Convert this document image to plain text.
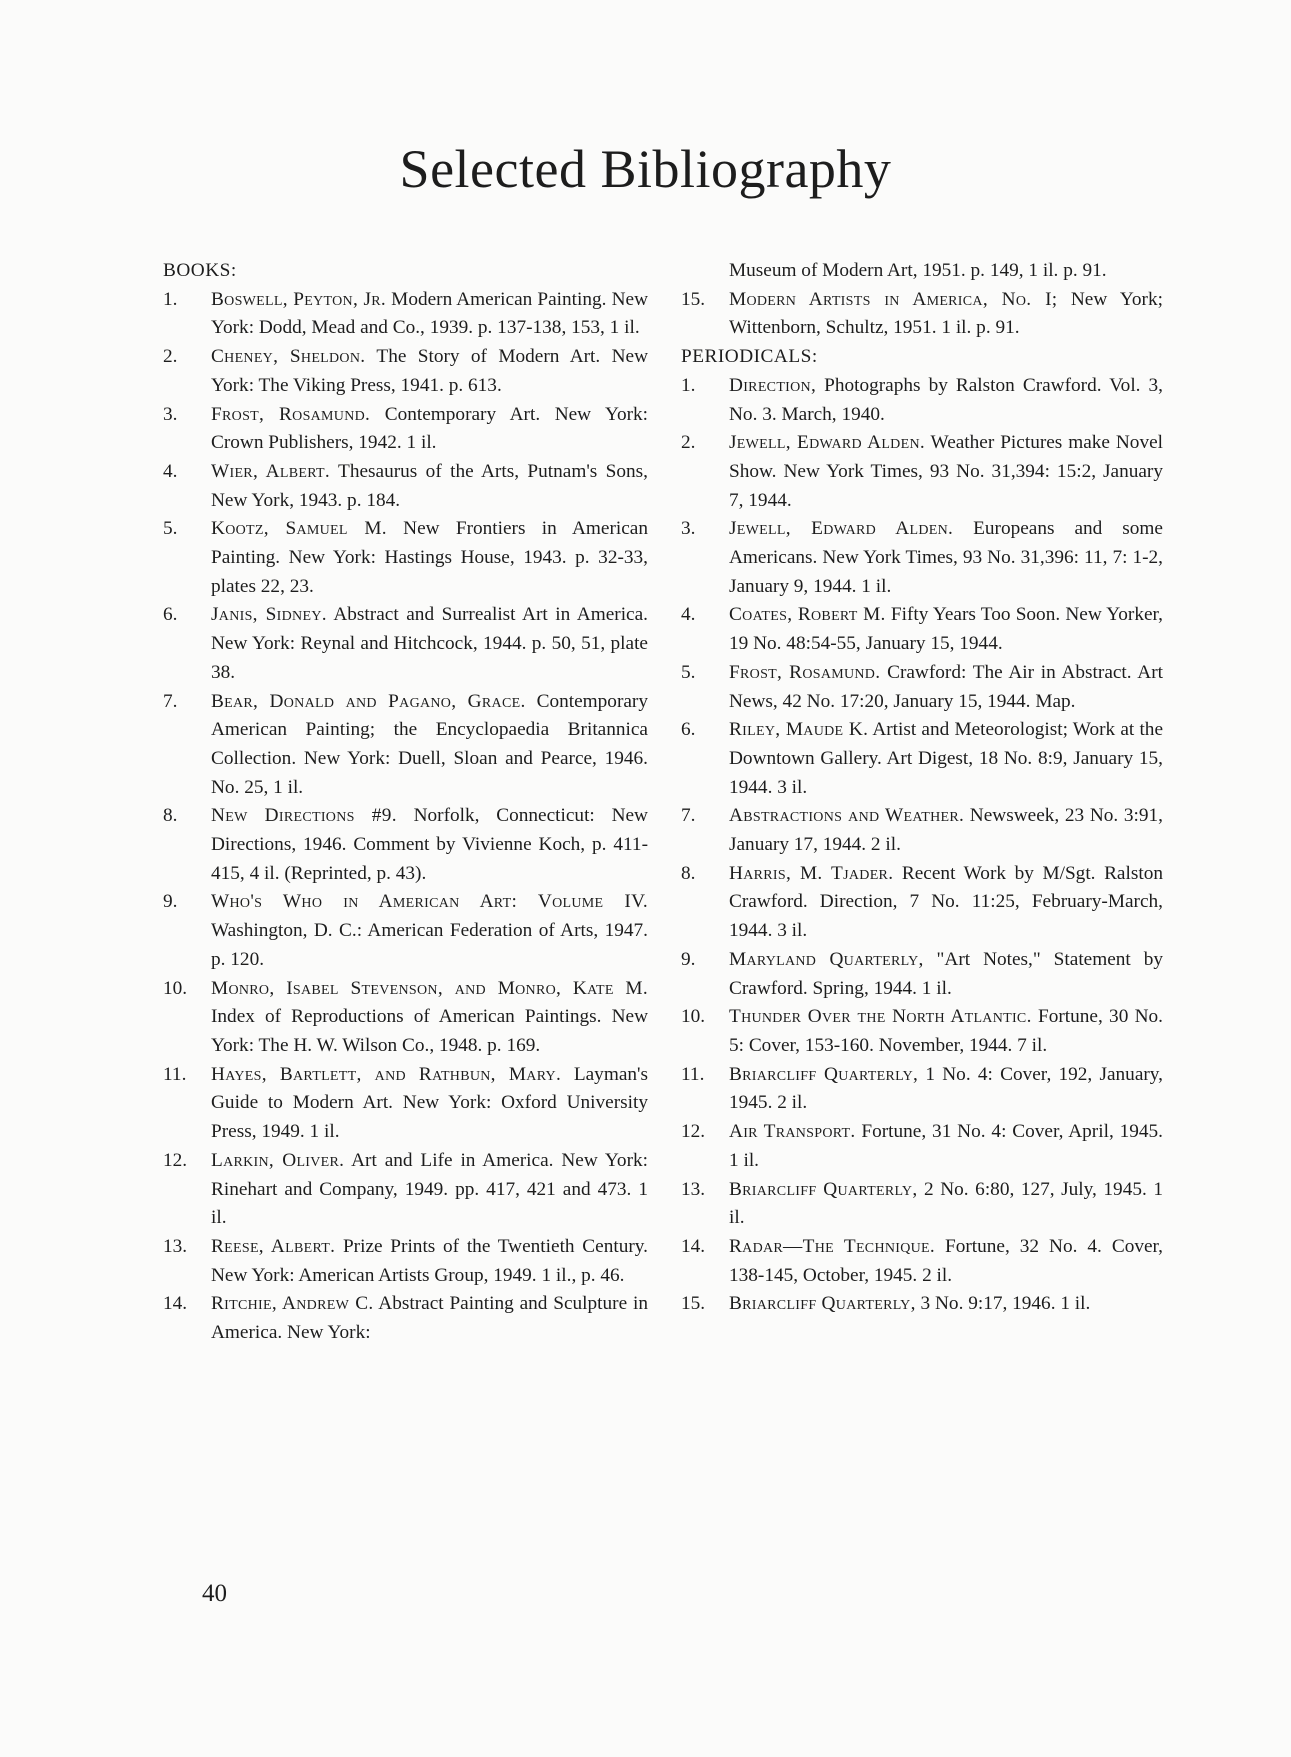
Selected Bibliography
BOOKS:
1.	Boswell, Peyton, Jr. Modern American Painting. New York: Dodd, Mead and Co., 1939. p. 137-138, 153, 1 il.
2.	Cheney, Sheldon. The Story of Modern Art. New York: The Viking Press, 1941. p. 613.
3.	Frost, Rosamund. Contemporary Art. New York: Crown Publishers, 1942. 1 il.
4.	Wier, Albert. Thesaurus of the Arts, Putnam's Sons, New York, 1943. p. 184.
5.	Kootz, Samuel M. New Frontiers in American Painting. New York: Hastings House, 1943. p. 32-33, plates 22, 23.
6.	Janis, Sidney. Abstract and Surrealist Art in America. New York: Reynal and Hitchcock, 1944. p. 50, 51, plate 38.
7.	Bear, Donald and Pagano, Grace. Contemporary American Painting; the Encyclopaedia Britannica Collection. New York: Duell, Sloan and Pearce, 1946. No. 25, 1 il.
8.	New Directions #9. Norfolk, Connecticut: New Directions, 1946. Comment by Vivienne Koch, p. 411-415, 4 il. (Reprinted, p. 43).
9.	Who's Who in American Art: Volume IV. Washington, D. C.: American Federation of Arts, 1947. p. 120.
10.	Monro, Isabel Stevenson, and Monro, Kate M. Index of Reproductions of American Paintings. New York: The H. W. Wilson Co., 1948. p. 169.
11.	Hayes, Bartlett, and Rathbun, Mary. Layman's Guide to Modern Art. New York: Oxford University Press, 1949. 1 il.
12.	Larkin, Oliver. Art and Life in America. New York: Rinehart and Company, 1949. pp. 417, 421 and 473. 1 il.
13.	Reese, Albert. Prize Prints of the Twentieth Century. New York: American Artists Group, 1949. 1 il., p. 46.
14.	Ritchie, Andrew C. Abstract Painting and Sculpture in America. New York:
Museum of Modern Art, 1951. p. 149, 1 il. p. 91.
15.	Modern Artists in America, No. I; New York; Wittenborn, Schultz, 1951. 1 il. p. 91.
PERIODICALS:
1.	Direction, Photographs by Ralston Crawford. Vol. 3, No. 3. March, 1940.
2.	Jewell, Edward Alden. Weather Pictures make Novel Show. New York Times, 93 No. 31,394: 15:2, January 7, 1944.
3.	Jewell, Edward Alden. Europeans and some Americans. New York Times, 93 No. 31,396: 11, 7: 1-2, January 9, 1944. 1 il.
4.	Coates, Robert M. Fifty Years Too Soon. New Yorker, 19 No. 48:54-55, January 15, 1944.
5.	Frost, Rosamund. Crawford: The Air in Abstract. Art News, 42 No. 17:20, January 15, 1944. Map.
6.	Riley, Maude K. Artist and Meteorologist; Work at the Downtown Gallery. Art Digest, 18 No. 8:9, January 15, 1944. 3 il.
7.	Abstractions and Weather. Newsweek, 23 No. 3:91, January 17, 1944. 2 il.
8.	Harris, M. Tjader. Recent Work by M/Sgt. Ralston Crawford. Direction, 7 No. 11:25, February-March, 1944. 3 il.
9.	Maryland Quarterly, "Art Notes," Statement by Crawford. Spring, 1944. 1 il.
10.	Thunder Over the North Atlantic. Fortune, 30 No. 5: Cover, 153-160. November, 1944. 7 il.
11.	Briarcliff Quarterly, 1 No. 4: Cover, 192, January, 1945. 2 il.
12.	Air Transport. Fortune, 31 No. 4: Cover, April, 1945. 1 il.
13.	Briarcliff Quarterly, 2 No. 6:80, 127, July, 1945. 1 il.
14.	Radar—The Technique. Fortune, 32 No. 4. Cover, 138-145, October, 1945. 2 il.
15.	Briarcliff Quarterly, 3 No. 9:17, 1946. 1 il.
40
